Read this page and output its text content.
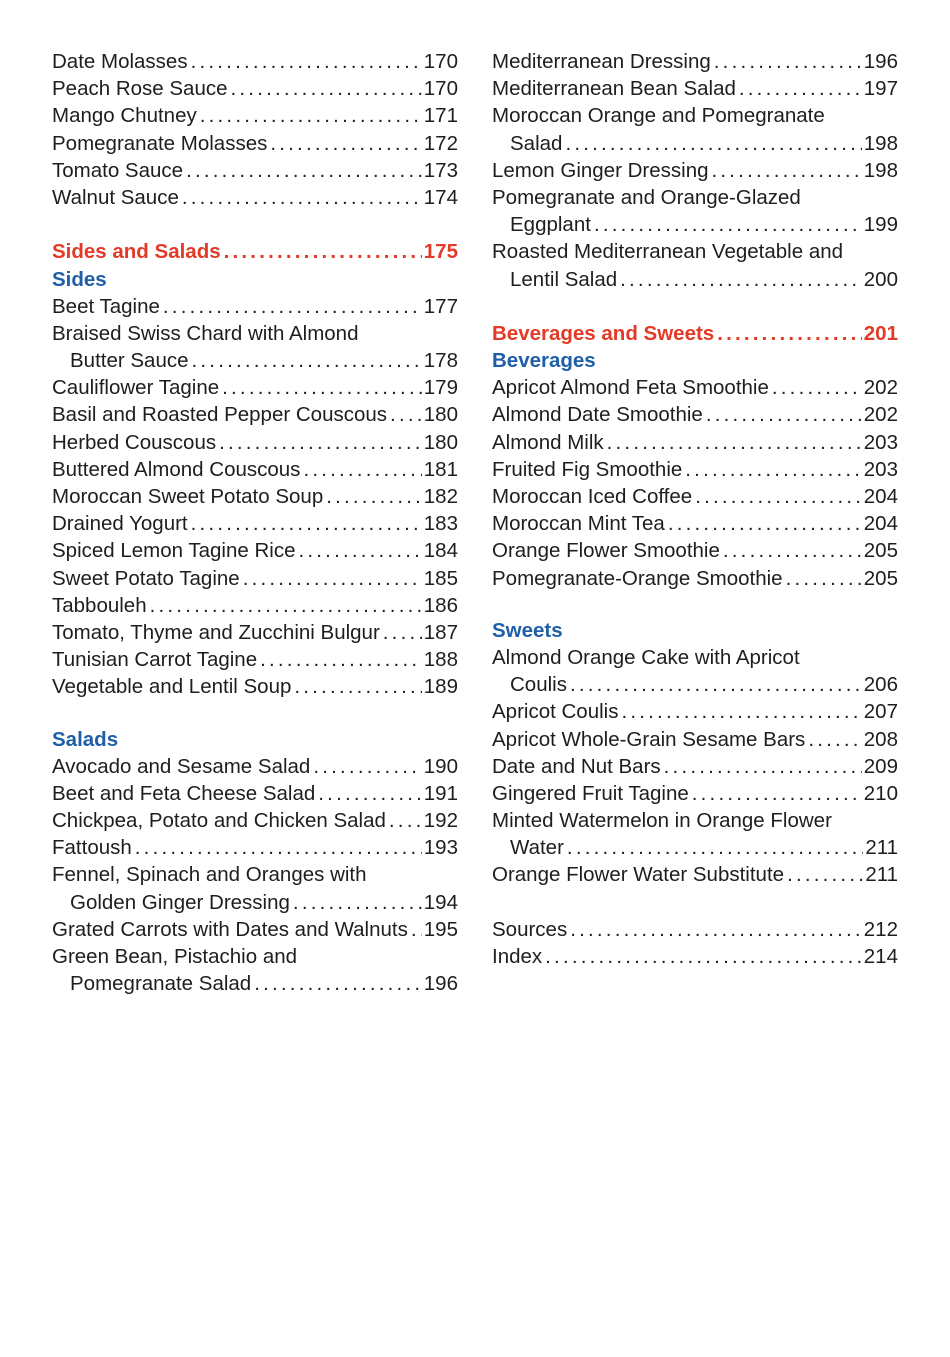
Date Molasses .....	170
Peach Rose Sauce .....	170
Mango Chutney .....	171
Pomegranate Molasses .....	172
Tomato Sauce .....	173
Walnut Sauce .....	174
Sides and Salads .....	175
Sides
Beet Tagine .....	177
Braised Swiss Chard with Almond
Butter Sauce .....	178
Cauliflower Tagine .....	179
Basil and Roasted Pepper Couscous ..... 180
Herbed Couscous .....	180
Buttered Almond Couscous .....	181
Moroccan Sweet Potato Soup .....	182
Drained Yogurt .....	183
Spiced Lemon Tagine Rice .....	184
Sweet Potato Tagine .....	185
Tabbouleh .....	186
Tomato, Thyme and Zucchini Bulgur ..... 187
Tunisian Carrot Tagine .....	188
Vegetable and Lentil Soup .....	189
Salads
Avocado and Sesame Salad .....	190
Beet and Feta Cheese Salad .....	191
Chickpea, Potato and Chicken Salad ..... 192
Fattoush .....	193
Fennel, Spinach and Oranges with
Golden Ginger Dressing .....	194
Grated Carrots with Dates and Walnuts ..... 195
Green Bean, Pistachio and
Pomegranate Salad .....	196
Mediterranean Dressing .....	196
Mediterranean Bean Salad .....	197
Moroccan Orange and Pomegranate
Salad .....	198
Lemon Ginger Dressing .....	198
Pomegranate and Orange-Glazed
Eggplant .....	199
Roasted Mediterranean Vegetable and
Lentil Salad .....	200
Beverages and Sweets .....	201
Beverages
Apricot Almond Feta Smoothie .....	202
Almond Date Smoothie .....	202
Almond Milk .....	203
Fruited Fig Smoothie .....	203
Moroccan Iced Coffee .....	204
Moroccan Mint Tea .....	204
Orange Flower Smoothie .....	205
Pomegranate-Orange Smoothie .....	205
Sweets
Almond Orange Cake with Apricot
Coulis .....	206
Apricot Coulis .....	207
Apricot Whole-Grain Sesame Bars .....	208
Date and Nut Bars .....	209
Gingered Fruit Tagine .....	210
Minted Watermelon in Orange Flower
Water .....	211
Orange Flower Water Substitute .....	211
Sources .....	212
Index .....	214
